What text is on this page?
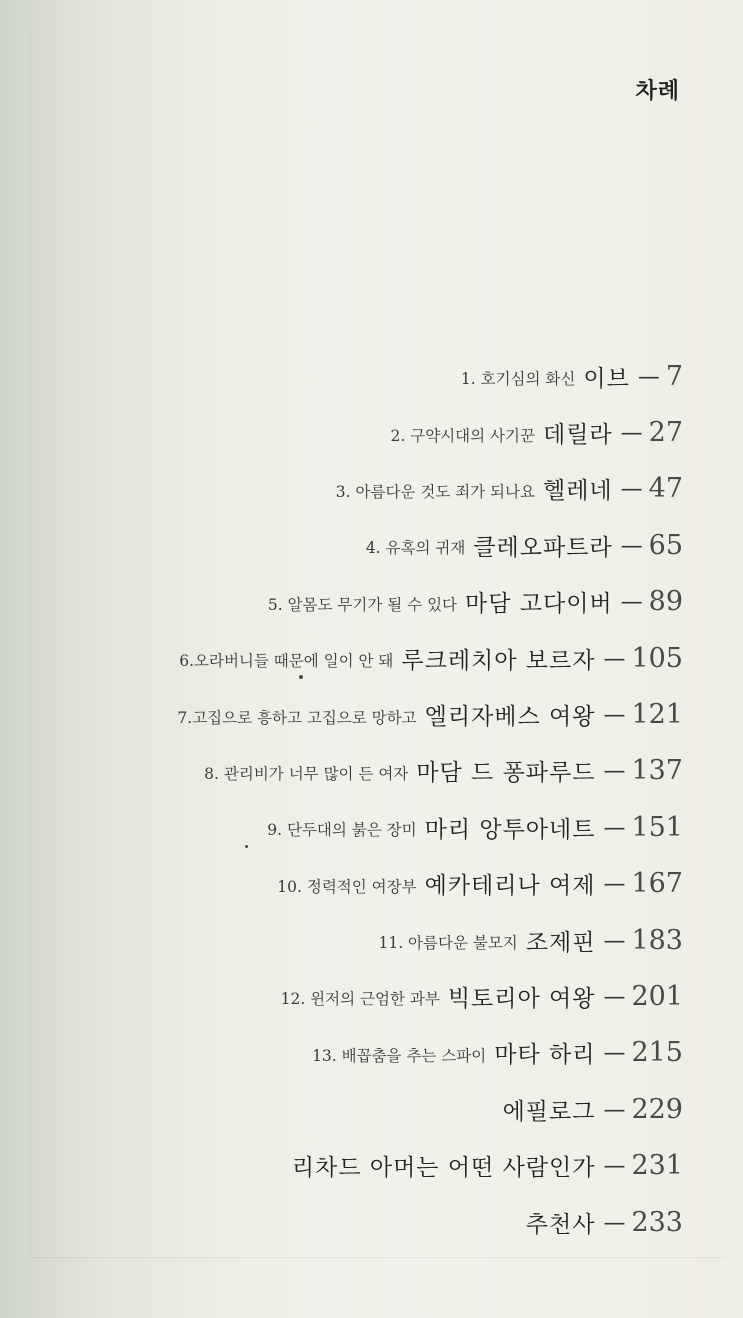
차례
1. 호기심의 화신 이브 — 7
2. 구약시대의 사기꾼 데릴라 — 27
3. 아름다운 것도 죄가 되나요 헬레네 — 47
4. 유혹의 귀재 클레오파트라 — 65
5. 알몸도 무기가 될 수 있다 마담 고다이버 — 89
6.오라버니들 때문에 일이 안 돼 루크레치아 보르자 — 105
7.고집으로 흥하고 고집으로 망하고 엘리자베스 여왕 — 121
8. 관리비가 너무 많이 든 여자 마담 드 퐁파루드 — 137
9. 단두대의 붉은 장미 마리 앙투아네트 — 151
10. 정력적인 여장부 예카테리나 여제 — 167
11. 아름다운 불모지 조제핀 — 183
12. 윈저의 근엄한 과부 빅토리아 여왕 — 201
13. 배꼽춤을 추는 스파이 마타 하리 — 215
에필로그 — 229
리차드 아머는 어떤 사람인가 — 231
추천사 — 233
